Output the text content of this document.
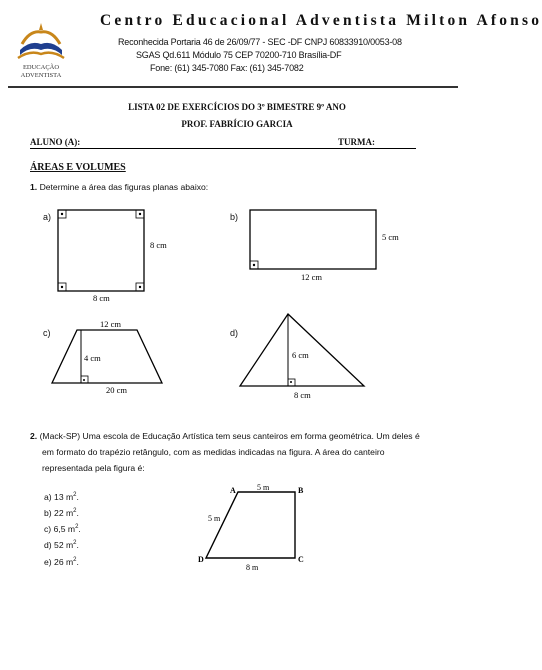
EDUCAÇÃO
ADVENTISTA
Centro Educacional Adventista Milton Afonso
Reconhecida Portaria 46 de 26/09/77 - SEC -DF CNPJ 60833910/0053-08
SGAS Qd.611 Módulo 75 CEP 70200-710 Brasília-DF
Fone: (61) 345-7080 Fax: (61) 345-7082
LISTA 02 DE EXERCÍCIOS DO 3º BIMESTRE 9º ANO
PROF. FABRÍCIO GARCIA
ALUNO (A):	TURMA:
ÁREAS E VOLUMES
1. Determine a área das figuras planas abaixo:
a)	b)
c)	d)
8 cm
8 cm
5 cm
12 cm
12 cm
4 cm
20 cm
6 cm
8 cm
2. (Mack-SP) Uma escola de Educação Artística tem seus canteiros em forma geométrica. Um deles é
em formato do trapézio retângulo, com as medidas indicadas na figura. A área do canteiro
representada pela figura é:
a) 13 $m^2$.
b) 22 $m^2$.
c) 6,5 $m^2$.
d) 52 $m^2$.
e) 26 $m^2$.
A	B
C
D
5 m
5 m
8 m
